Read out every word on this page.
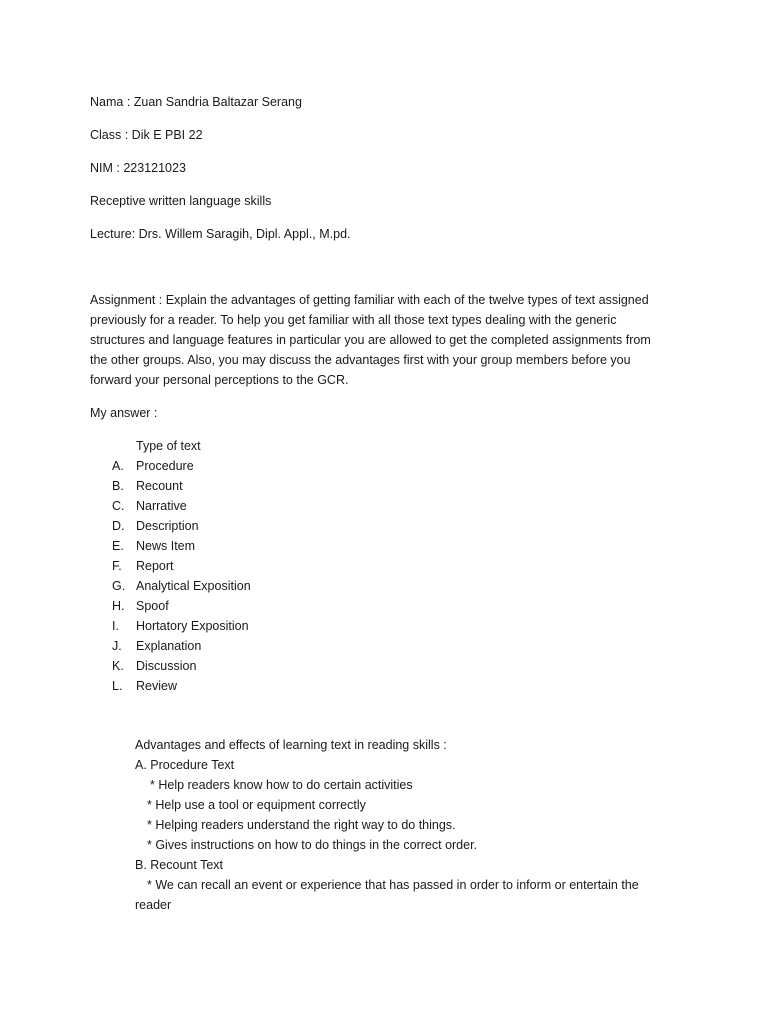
Nama : Zuan Sandria Baltazar Serang
Class : Dik E PBI 22
NIM : 223121023
Receptive written language skills
Lecture: Drs. Willem Saragih, Dipl. Appl., M.pd.
Assignment : Explain the advantages of getting familiar with each of the twelve types of text assigned
previously for a reader. To help you get familiar with all those text types dealing with the generic
structures and language features in particular you are allowed to get the completed assignments from
the other groups. Also, you may discuss the advantages first with your group members before you
forward your personal perceptions to the GCR.
My answer :
Type of text
A. Procedure
B. Recount
C. Narrative
D. Description
E. News Item
F.	Report
G. Analytical Exposition
H. Spoof
I.	Hortatory Exposition
J.	Explanation
K. Discussion
L.	Review
Advantages and effects of learning text in reading skills :
A. Procedure Text
* Help readers know how to do certain activities
* Help use a tool or equipment correctly
* Helping readers understand the right way to do things.
* Gives instructions on how to do things in the correct order.
B. Recount Text
* We can recall an event or experience that has passed in order to inform or entertain the
reader
